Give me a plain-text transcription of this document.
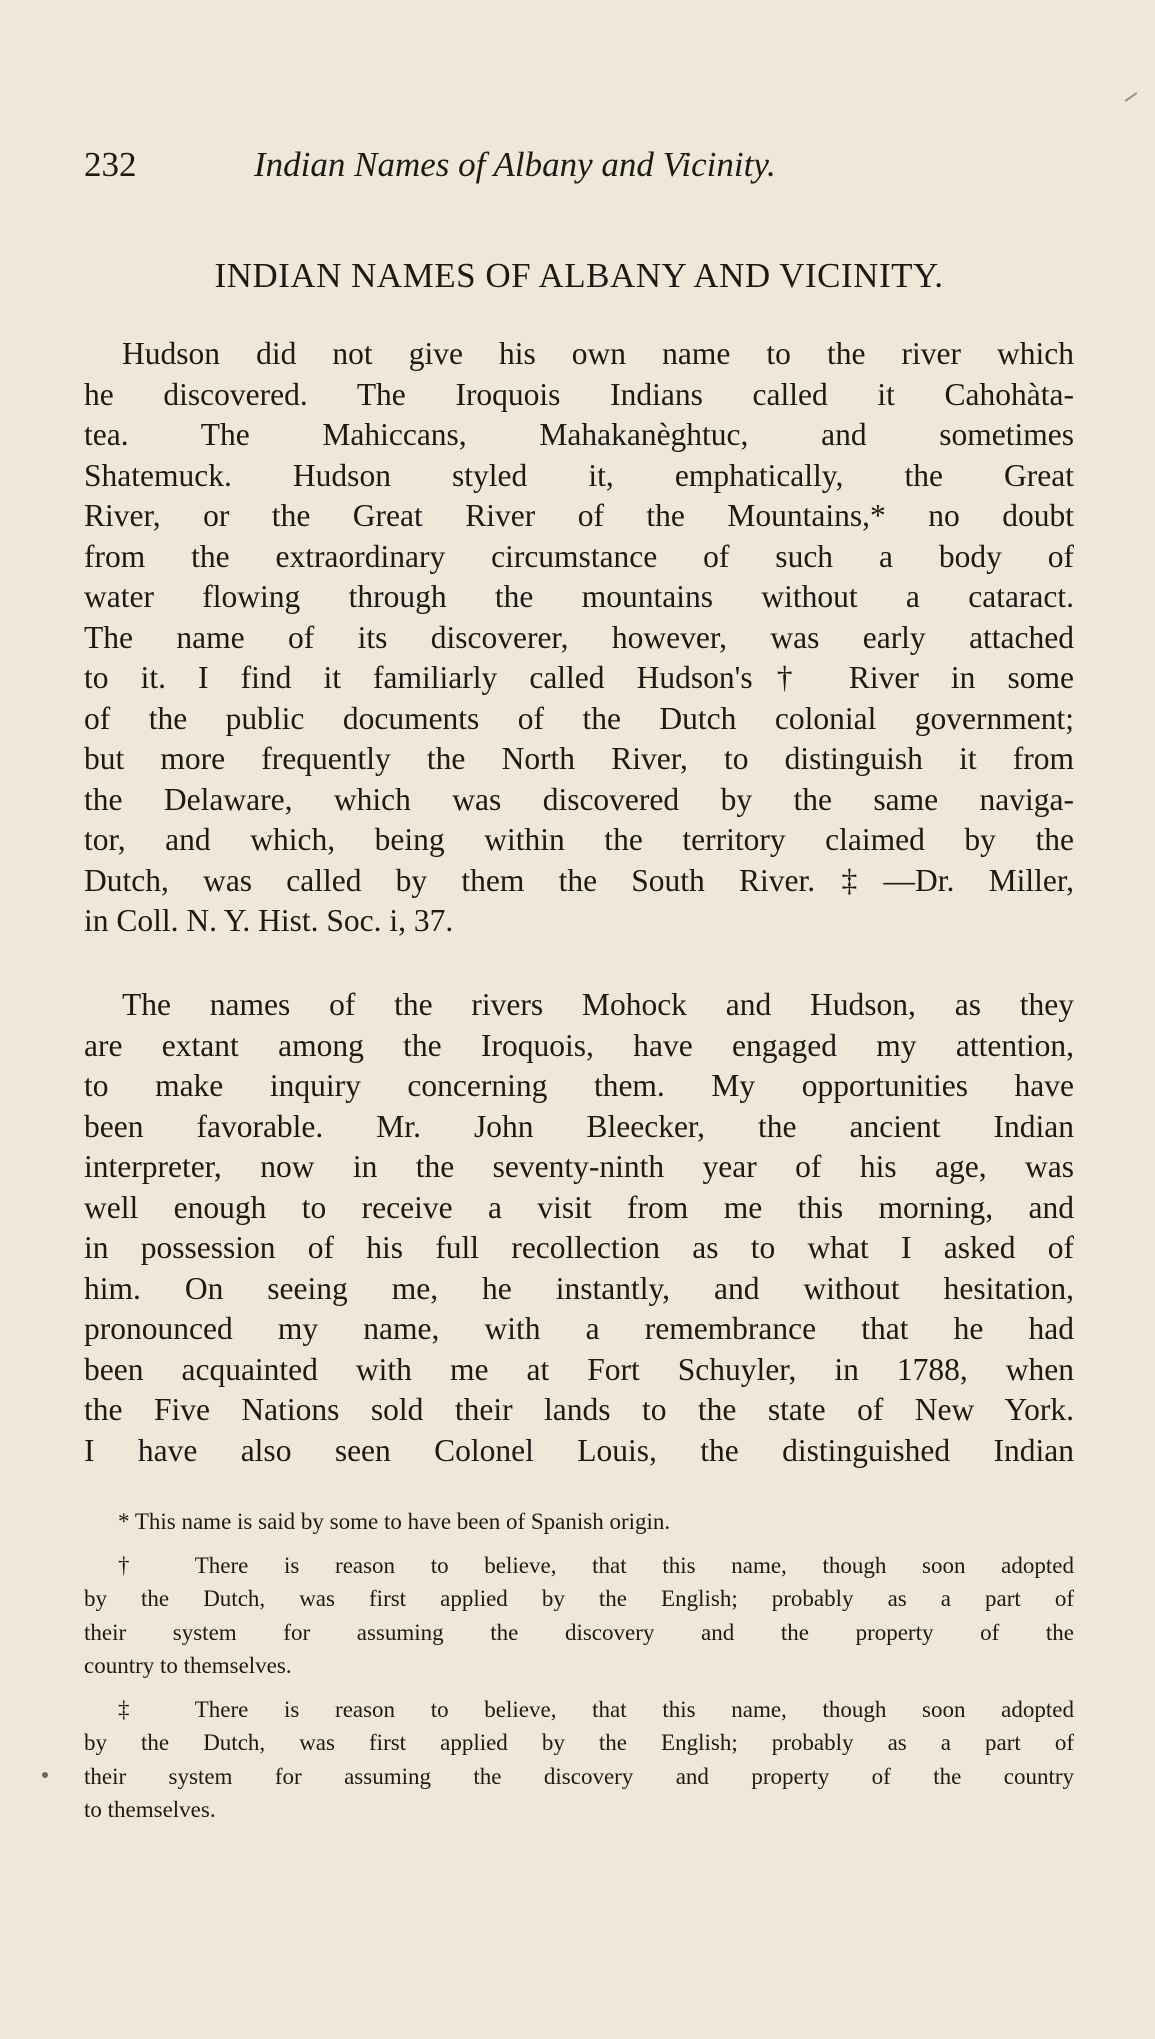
232	Indian Names of Albany and Vicinity.
INDIAN NAMES OF ALBANY AND VICINITY.
Hudson did not give his own name to the river which
he discovered. The Iroquois Indians called it Cahohàta-
tea. The Mahiccans, Mahakanèghtuc, and sometimes
Shatemuck. Hudson styled it, emphatically, the Great
River, or the Great River of the Mountains,* no doubt
from the extraordinary circumstance of such a body of
water flowing through the mountains without a cataract.
The name of its discoverer, however, was early attached
to it. I find it familiarly called Hudson's† River in some
of the public documents of the Dutch colonial government;
but more frequently the North River, to distinguish it from
the Delaware, which was discovered by the same naviga-
tor, and which, being within the territory claimed by the
Dutch, was called by them the South River.‡—Dr. Miller,
in Coll. N. Y. Hist. Soc. i, 37.
The names of the rivers Mohock and Hudson, as they
are extant among the Iroquois, have engaged my attention,
to make inquiry concerning them. My opportunities have
been favorable. Mr. John Bleecker, the ancient Indian
interpreter, now in the seventy-ninth year of his age, was
well enough to receive a visit from me this morning, and
in possession of his full recollection as to what I asked of
him. On seeing me, he instantly, and without hesitation,
pronounced my name, with a remembrance that he had
been acquainted with me at Fort Schuyler, in 1788, when
the Five Nations sold their lands to the state of New York.
I have also seen Colonel Louis, the distinguished Indian
* This name is said by some to have been of Spanish origin.
† There is reason to believe, that this name, though soon adopted
by the Dutch, was first applied by the English; probably as a part of
their system for assuming the discovery and the property of the
country to themselves.
‡ There is reason to believe, that this name, though soon adopted
by the Dutch, was first applied by the English; probably as a part of
their system for assuming the discovery and property of the country
to themselves.
